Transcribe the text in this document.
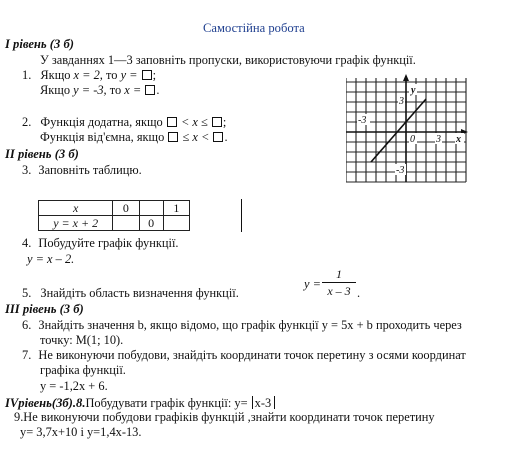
Самостійна робота
I рівень (3 б)
У завданнях 1—3 заповніть пропуски, використовуючи графік функції.
1. Якщо x = 2, то y = ;
Якщо y = -3, то x = .
2. Функція додатна, якщо < x ≤ ;
Функція від'ємна, якщо ≤ x < .
y
3
-3
0 3 x
-3
II рівень (3 б)
3. Заповніть таблицю.
x	0		1
y = x + 2		0	
4. Побудуйте графік функції.
y = x – 2.
5. Знайдіть область визначення функції.
y =
1
x – 3 .
III рівень (3 б)
6. Знайдіть значення b, якщо відомо, що графік функції y = 5x + b проходить через
точку: M(1; 10).
7. Не виконуючи побудови, знайдіть координати точок перетину з осями координат
графіка функції.
y = -1,2x + 6.
IVрівень(3б).8.Побудувати графік функції: y= x-3
9.Не виконуючи побудови графіків функцій ,знайти координати точок перетину
y= 3,7x+10 і y=1,4x-13.
